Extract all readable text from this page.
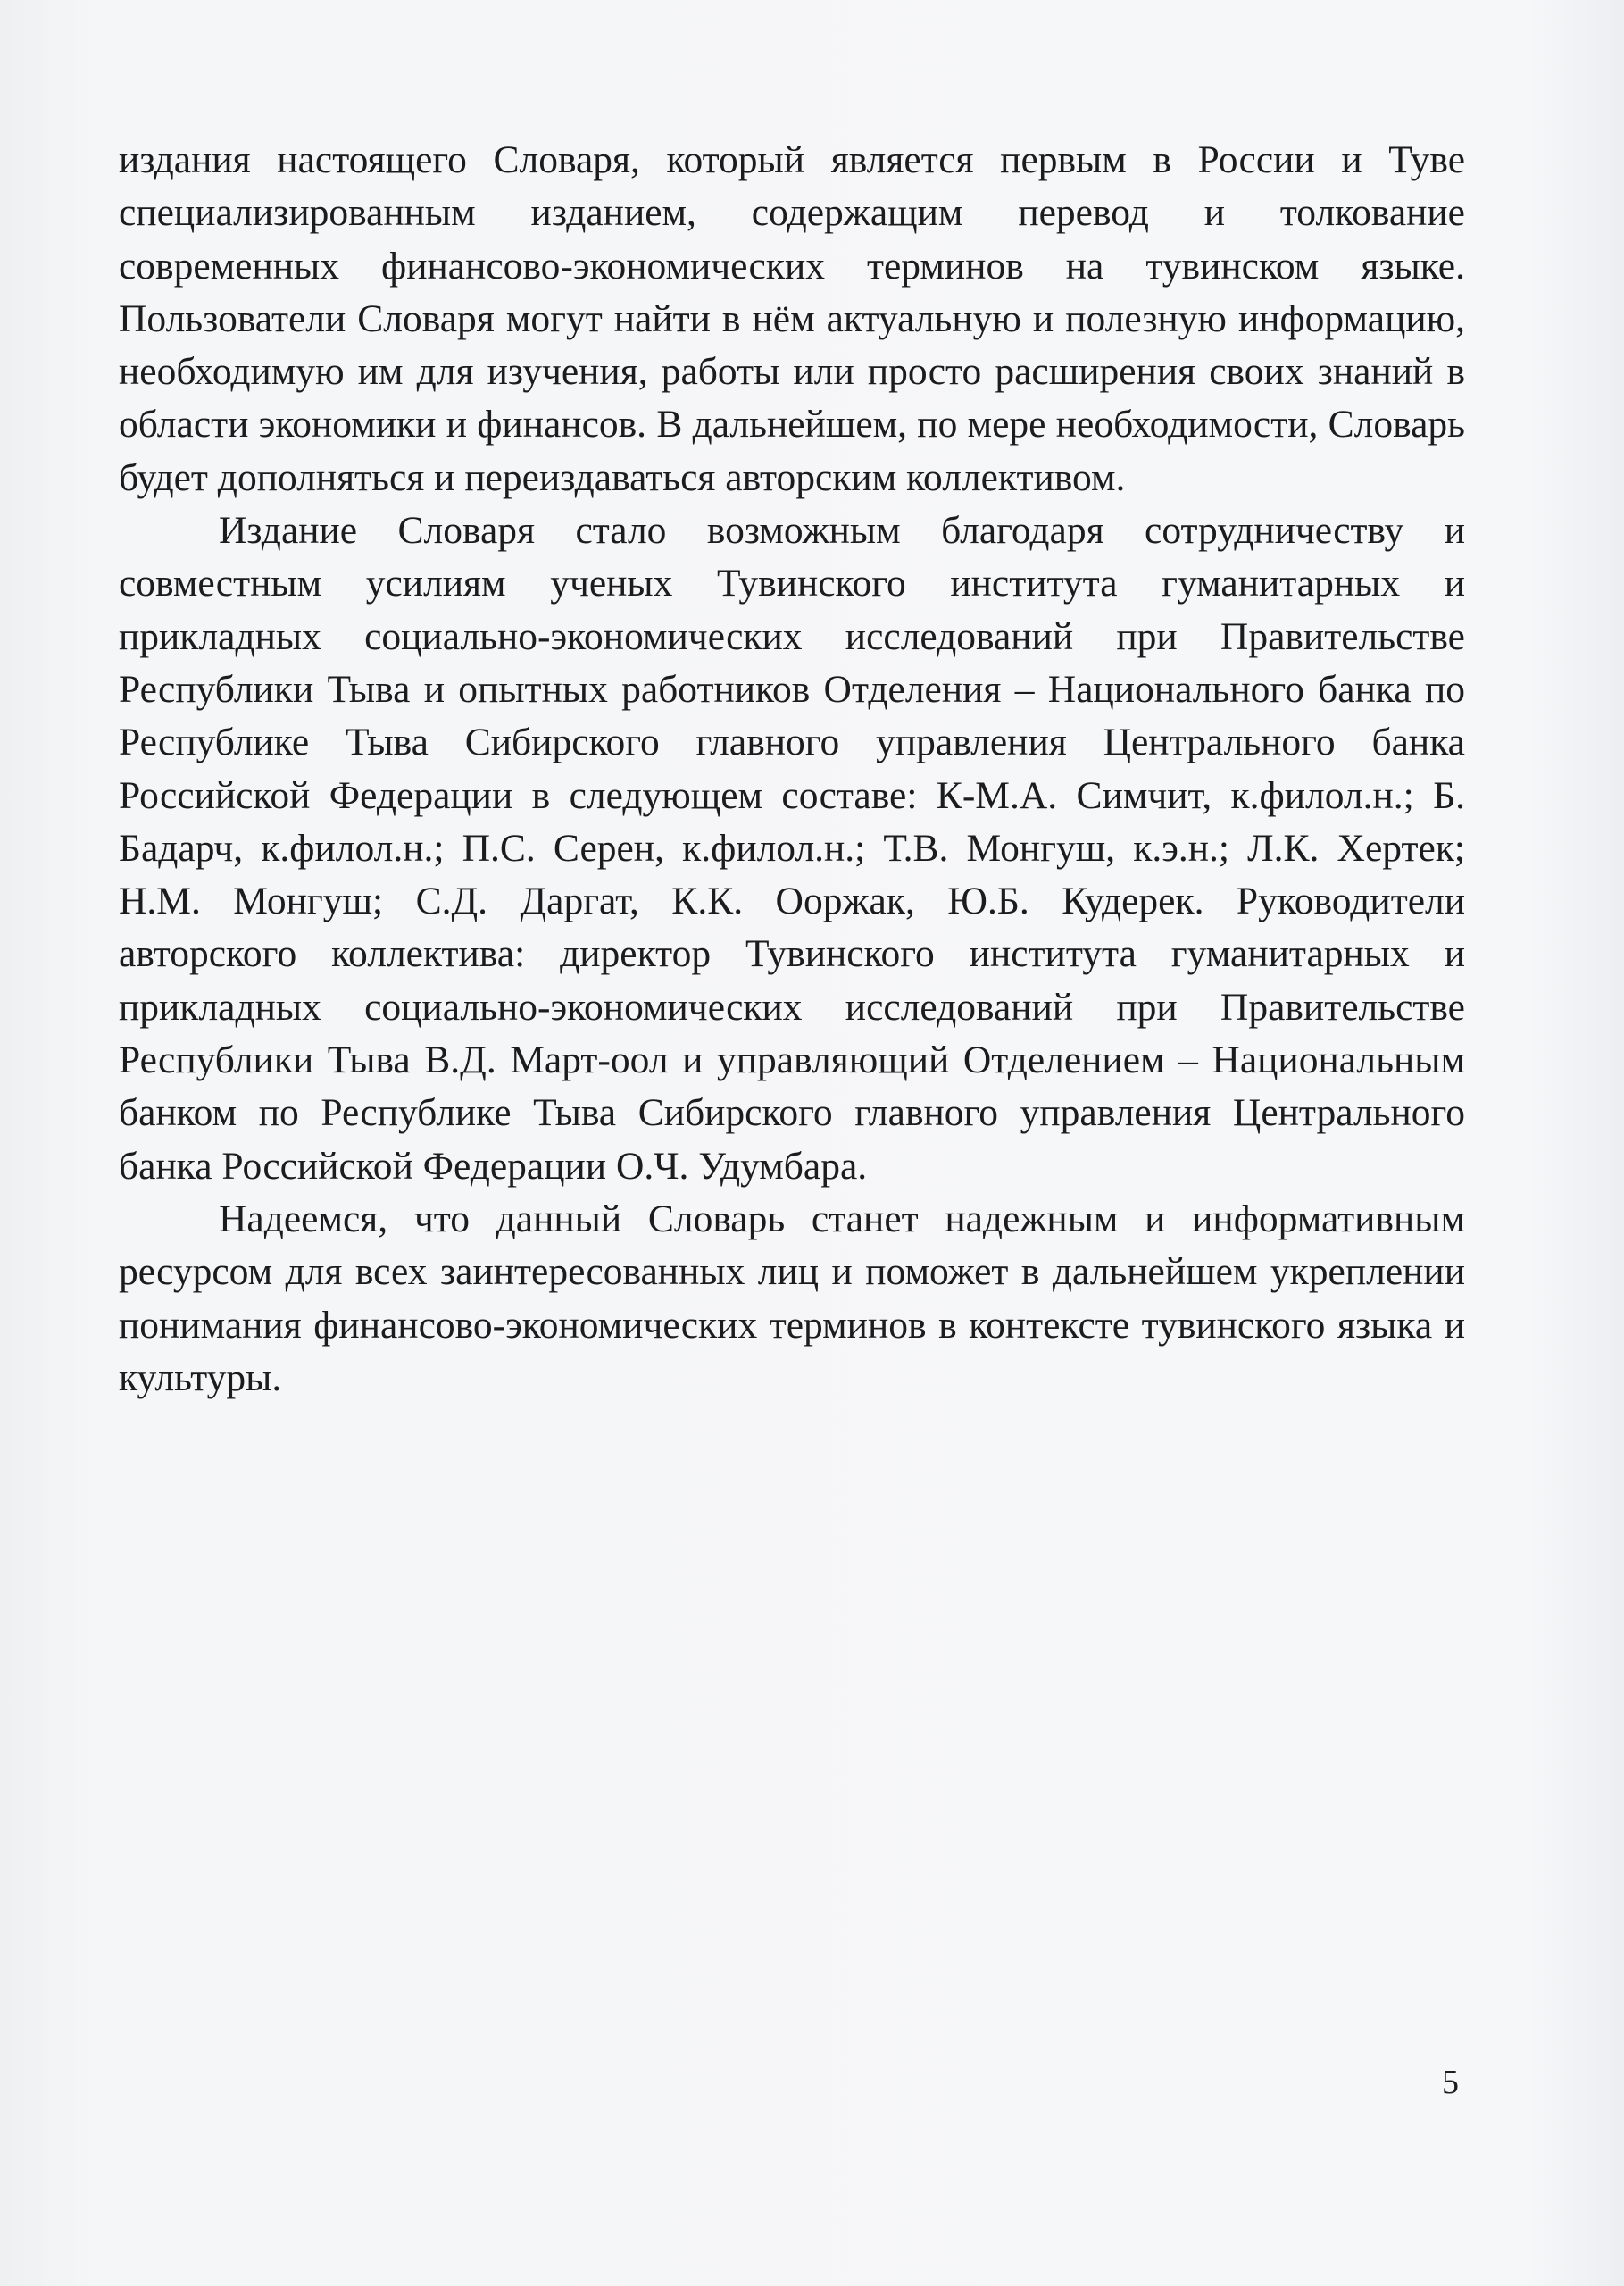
издания настоящего Словаря, который является первым в России и Туве специализированным изданием, содержащим перевод и толкование современных финансово-экономических терминов на тувинском языке. Пользователи Словаря могут найти в нём актуальную и полезную информацию, необходимую им для изучения, работы или просто расширения своих знаний в области экономики и финансов. В дальнейшем, по мере необходимости, Словарь будет дополняться и переиздаваться авторским коллективом.

Издание Словаря стало возможным благодаря сотрудничеству и совместным усилиям ученых Тувинского института гуманитарных и прикладных социально-экономических исследований при Правительстве Республики Тыва и опытных работников Отделения – Национального банка по Республике Тыва Сибирского главного управления Центрального банка Российской Федерации в следующем составе: К-М.А. Симчит, к.филол.н.; Б. Бадарч, к.филол.н.; П.С. Серен, к.филол.н.; Т.В. Монгуш, к.э.н.; Л.К. Хертек; Н.М. Монгуш; С.Д. Даргат, К.К. Ооржак, Ю.Б. Кудерек. Руководители авторского коллектива: директор Тувинского института гуманитарных и прикладных социально-экономических исследований при Правительстве Республики Тыва В.Д. Март-оол и управляющий Отделением – Национальным банком по Республике Тыва Сибирского главного управления Центрального банка Российской Федерации О.Ч. Удумбара.

Надеемся, что данный Словарь станет надежным и информативным ресурсом для всех заинтересованных лиц и поможет в дальнейшем укреплении понимания финансово-экономических терминов в контексте тувинского языка и культуры.

5
